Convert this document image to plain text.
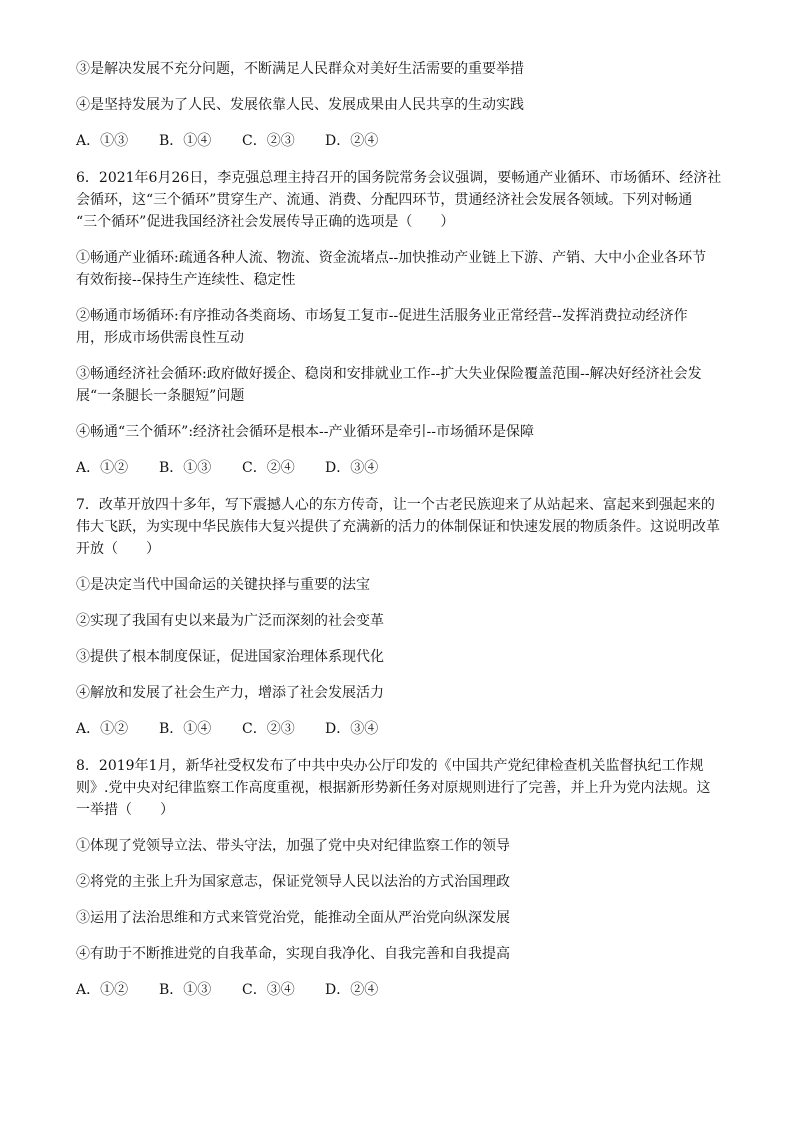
③是解决发展不充分问题，不断满足人民群众对美好生活需要的重要举措

④是坚持发展为了人民、发展依靠人民、发展成果由人民共享的生动实践

A．①③	B．①④	C．②③	D．②④

6．2021年6月26日，李克强总理主持召开的国务院常务会议强调，要畅通产业循环、市场循环、经济社

会循环，这“三个循环”贯穿生产、流通、消费、分配四环节，贯通经济社会发展各领域。下列对畅通

“三个循环”促进我国经济社会发展传导正确的选项是（　　）

①畅通产业循环:疏通各种人流、物流、资金流堵点--加快推动产业链上下游、产销、大中小企业各环节

有效衔接--保持生产连续性、稳定性

②畅通市场循环:有序推动各类商场、市场复工复市--促进生活服务业正常经营--发挥消费拉动经济作

用，形成市场供需良性互动

③畅通经济社会循环:政府做好援企、稳岗和安排就业工作--扩大失业保险覆盖范围--解决好经济社会发

展“一条腿长一条腿短”问题

④畅通“三个循环”:经济社会循环是根本--产业循环是牵引--市场循环是保障

A．①②	B．①③	C．②④	D．③④

7．改革开放四十多年，写下震撼人心的东方传奇，让一个古老民族迎来了从站起来、富起来到强起来的

伟大飞跃，为实现中华民族伟大复兴提供了充满新的活力的体制保证和快速发展的物质条件。这说明改革

开放（　　）

①是决定当代中国命运的关键抉择与重要的法宝

②实现了我国有史以来最为广泛而深刻的社会变革

③提供了根本制度保证，促进国家治理体系现代化

④解放和发展了社会生产力，增添了社会发展活力

A．①②	B．①④	C．②③	D．③④

8．2019年1月，新华社受权发布了中共中央办公厅印发的《中国共产党纪律检查机关监督执纪工作规

则》.党中央对纪律监察工作高度重视，根据新形势新任务对原规则进行了完善，并上升为党内法规。这

一举措（　　）

①体现了党领导立法、带头守法，加强了党中央对纪律监察工作的领导

②将党的主张上升为国家意志，保证党领导人民以法治的方式治国理政

③运用了法治思维和方式来管党治党，能推动全面从严治党向纵深发展

④有助于不断推进党的自我革命，实现自我净化、自我完善和自我提高

A．①②	B．①③	C．③④	D．②④
